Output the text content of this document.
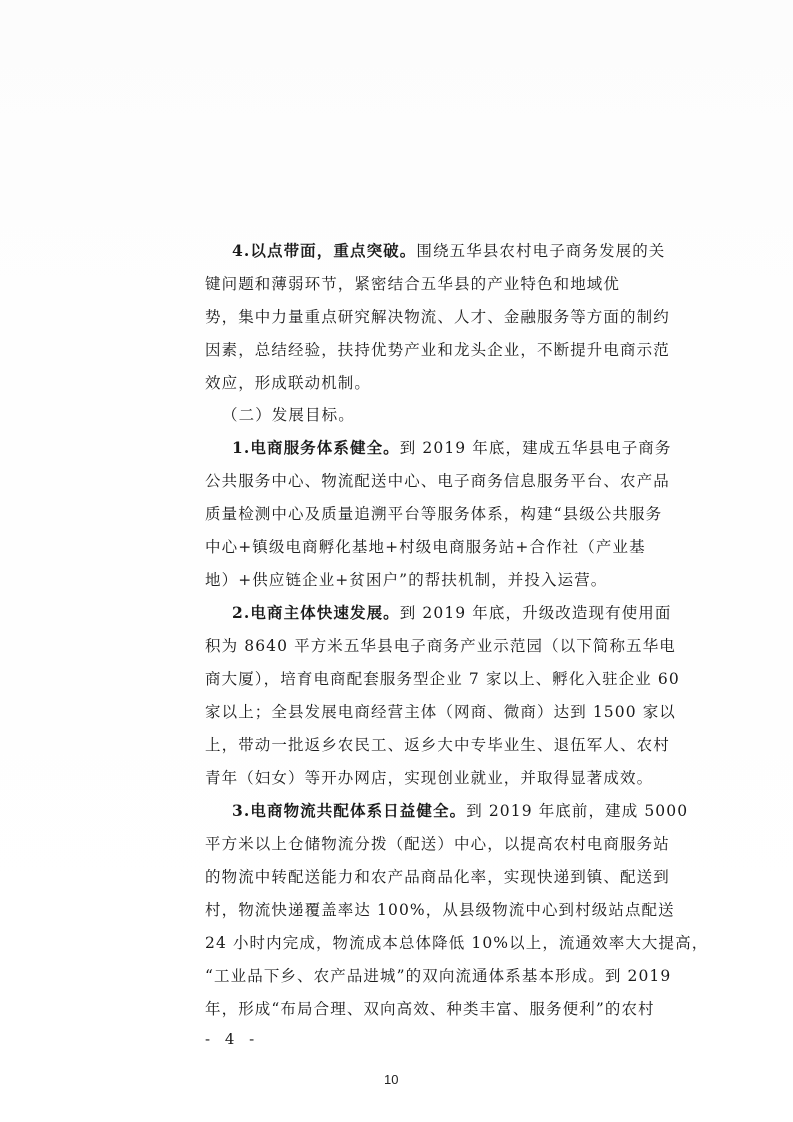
4.以点带面，重点突破。围绕五华县农村电子商务发展的关
键问题和薄弱环节，紧密结合五华县的产业特色和地域优
势，集中力量重点研究解决物流、人才、金融服务等方面的制约
因素，总结经验，扶持优势产业和龙头企业，不断提升电商示范
效应，形成联动机制。
（二）发展目标。
1.电商服务体系健全。到 2019 年底，建成五华县电子商务
公共服务中心、物流配送中心、电子商务信息服务平台、农产品
质量检测中心及质量追溯平台等服务体系，构建“县级公共服务
中心+镇级电商孵化基地+村级电商服务站+合作社（产业基
地）+供应链企业+贫困户”的帮扶机制，并投入运营。
2.电商主体快速发展。到 2019 年底，升级改造现有使用面
积为 8640 平方米五华县电子商务产业示范园（以下简称五华电
商大厦），培育电商配套服务型企业 7 家以上、孵化入驻企业 60
家以上；全县发展电商经营主体（网商、微商）达到 1500 家以
上，带动一批返乡农民工、返乡大中专毕业生、退伍军人、农村
青年（妇女）等开办网店，实现创业就业，并取得显著成效。
3.电商物流共配体系日益健全。到 2019 年底前，建成 5000
平方米以上仓储物流分拨（配送）中心，以提高农村电商服务站
的物流中转配送能力和农产品商品化率，实现快递到镇、配送到
村，物流快递覆盖率达 100%，从县级物流中心到村级站点配送
24 小时内完成，物流成本总体降低 10%以上，流通效率大大提高，
“工业品下乡、农产品进城”的双向流通体系基本形成。到 2019
年，形成“布局合理、双向高效、种类丰富、服务便利”的农村
- 4 -
10
